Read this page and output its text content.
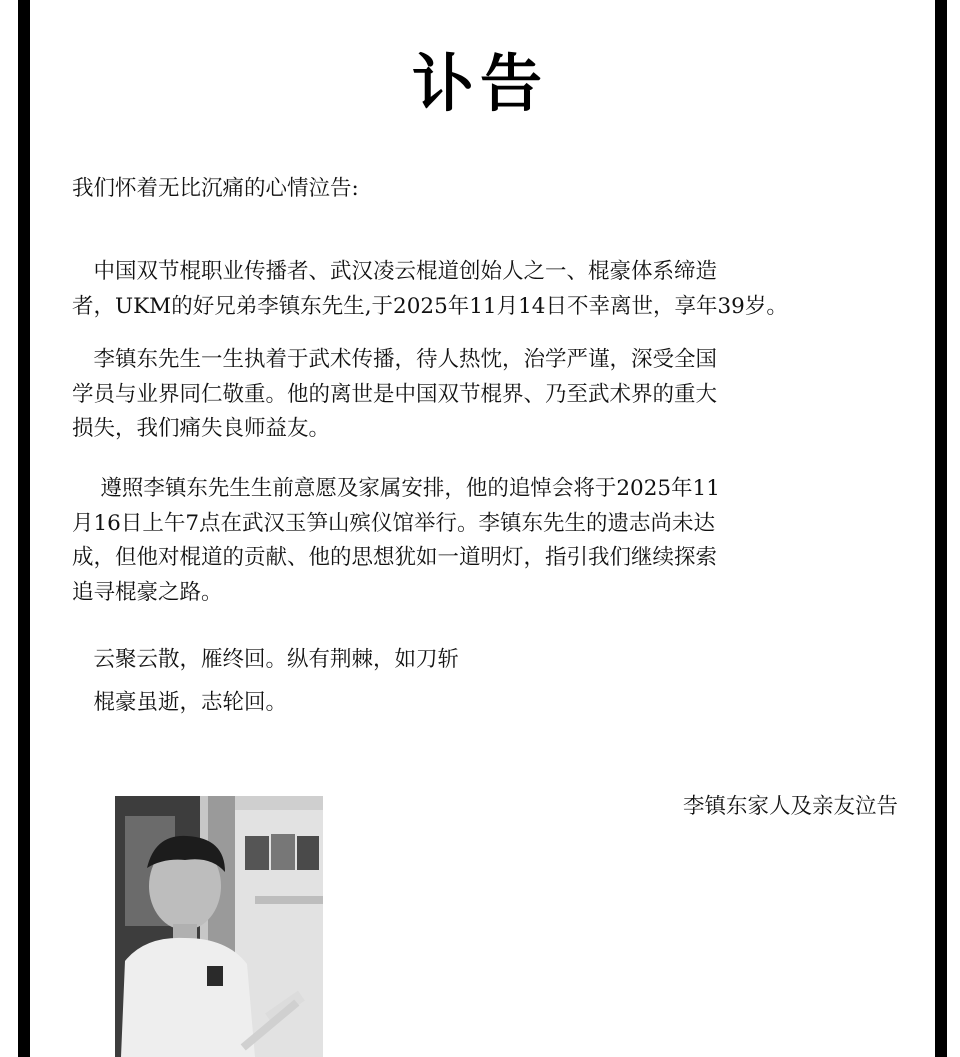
讣告
我们怀着无比沉痛的心情泣告:
　中国双节棍职业传播者、武汉凌云棍道创始人之一、棍豪体系缔造
者，UKM的好兄弟李镇东先生,于2025年11月14日不幸离世，享年39岁。
　李镇东先生一生执着于武术传播，待人热忱，治学严谨，深受全国
学员与业界同仁敬重。他的离世是中国双节棍界、乃至武术界的重大
损失，我们痛失良师益友。
　 遵照李镇东先生生前意愿及家属安排，他的追悼会将于2025年11
月16日上午7点在武汉玉笋山殡仪馆举行。李镇东先生的遗志尚未达
成，但他对棍道的贡献、他的思想犹如一道明灯，指引我们继续探索
追寻棍豪之路。
　云聚云散，雁终回。纵有荆棘，如刀斩
　棍豪虽逝，志轮回。
李镇东家人及亲友泣告
